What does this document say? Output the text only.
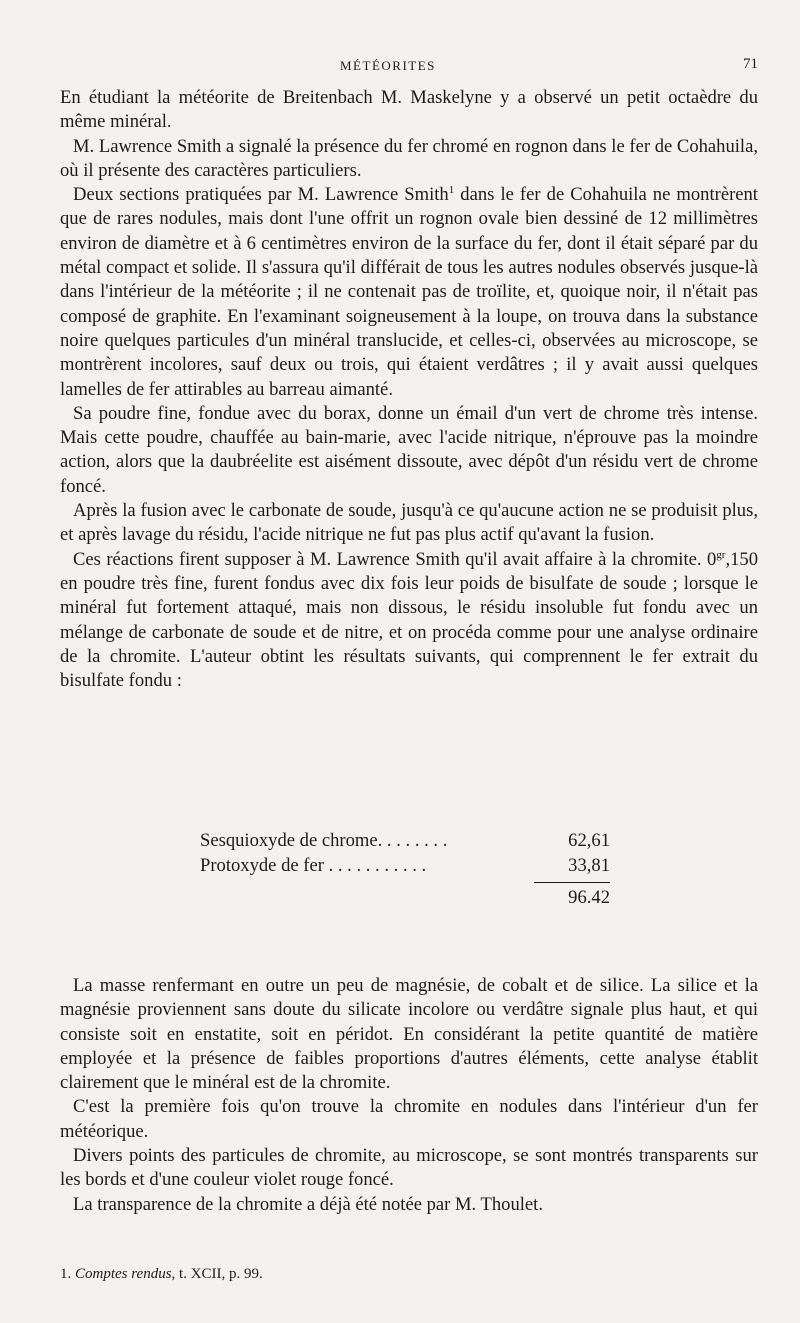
MÉTÉORITES	71

En étudiant la météorite de Breitenbach M. Maskelyne y a observé un petit octaèdre du même minéral.

M. Lawrence Smith a signalé la présence du fer chromé en rognon dans le fer de Cohahuila, où il présente des caractères particuliers.

Deux sections pratiquées par M. Lawrence Smith$^1$ dans le fer de Cohahuila ne montrèrent que de rares nodules, mais dont l'une offrit un rognon ovale bien dessiné de 12 millimètres environ de diamètre et à 6 centimètres environ de la surface du fer, dont il était séparé par du métal compact et solide. Il s'assura qu'il différait de tous les autres nodules observés jusque-là dans l'intérieur de la météorite ; il ne contenait pas de troïlite, et, quoique noir, il n'était pas composé de graphite. En l'examinant soigneusement à la loupe, on trouva dans la substance noire quelques particules d'un minéral translucide, et celles-ci, observées au microscope, se montrèrent incolores, sauf deux ou trois, qui étaient verdâtres ; il y avait aussi quelques lamelles de fer attirables au barreau aimanté.

Sa poudre fine, fondue avec du borax, donne un émail d'un vert de chrome très intense. Mais cette poudre, chauffée au bain-marie, avec l'acide nitrique, n'éprouve pas la moindre action, alors que la daubréelite est aisément dissoute, avec dépôt d'un résidu vert de chrome foncé.

Après la fusion avec le carbonate de soude, jusqu'à ce qu'aucune action ne se produisit plus, et après lavage du résidu, l'acide nitrique ne fut pas plus actif qu'avant la fusion.

Ces réactions firent supposer à M. Lawrence Smith qu'il avait affaire à la chromite. $0^{gr},150$ en poudre très fine, furent fondus avec dix fois leur poids de bisulfate de soude ; lorsque le minéral fut fortement attaqué, mais non dissous, le résidu insoluble fut fondu avec un mélange de carbonate de soude et de nitre, et on procéda comme pour une analyse ordinaire de la chromite. L'auteur obtint les résultats suivants, qui comprennent le fer extrait du bisulfate fondu :

Sesquioxyde de chrome. . . . . . . .	62,61
Protoxyde de fer . . . . . . . . . . .	33,81
96.42

La masse renfermant en outre un peu de magnésie, de cobalt et de silice. La silice et la magnésie proviennent sans doute du silicate incolore ou verdâtre signale plus haut, et qui consiste soit en enstatite, soit en péridot. En considérant la petite quantité de matière employée et la présence de faibles proportions d'autres éléments, cette analyse établit clairement que le minéral est de la chromite.

C'est la première fois qu'on trouve la chromite en nodules dans l'intérieur d'un fer météorique.

Divers points des particules de chromite, au microscope, se sont montrés transparents sur les bords et d'une couleur violet rouge foncé.

La transparence de la chromite a déjà été notée par M. Thoulet.

1. Comptes rendus, t. XCII, p. 99.
